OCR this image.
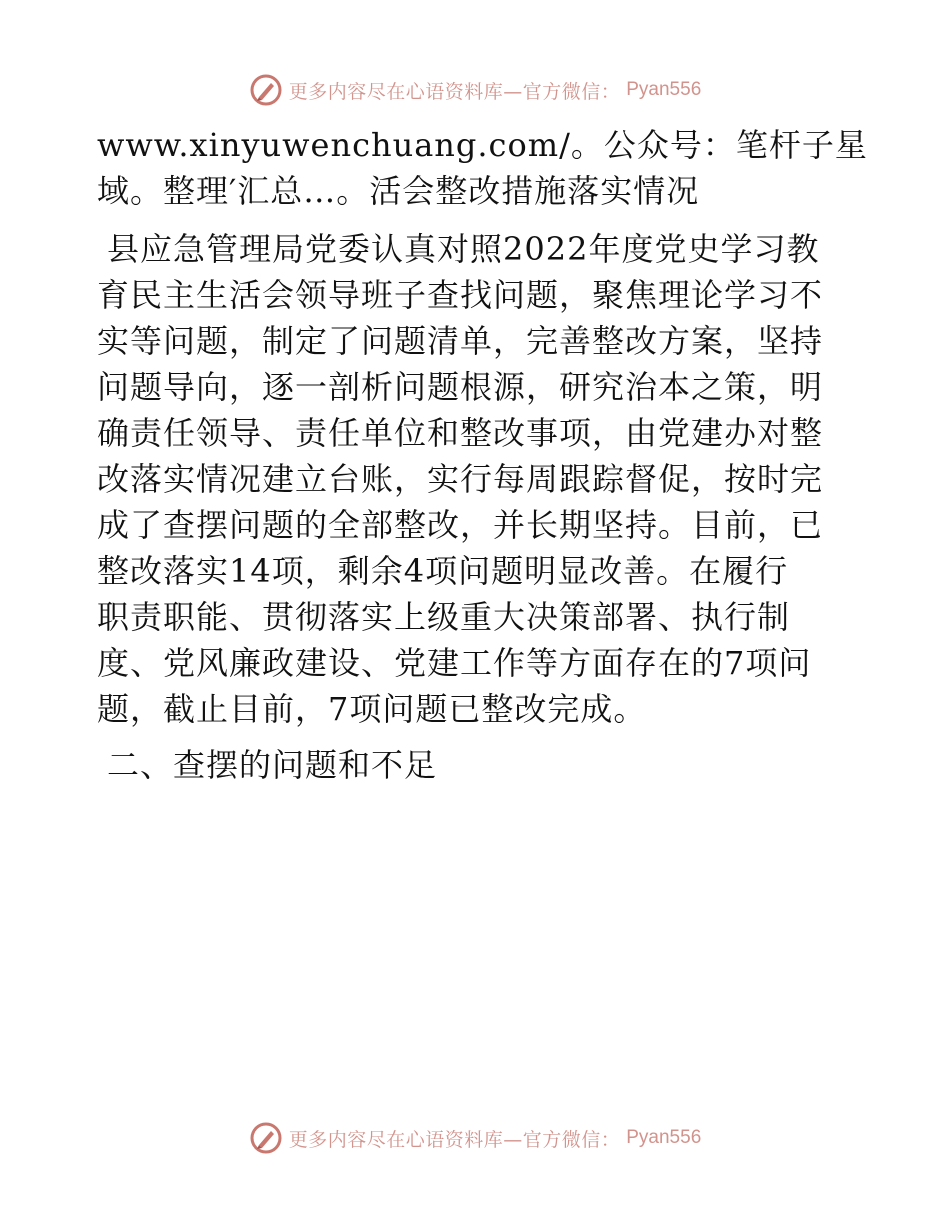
更多内容尽在心语资料库—官方微信： Pyan556

www.xinyuwenchuang.com/。公众号：笔杆子星

域。整理′汇总…。活会整改措施落实情况

县应急管理局党委认真对照2022年度党史学习教

育民主生活会领导班子查找问题，聚焦理论学习不

实等问题，制定了问题清单，完善整改方案，坚持

问题导向，逐一剖析问题根源，研究治本之策，明

确责任领导、责任单位和整改事项，由党建办对整

改落实情况建立台账，实行每周跟踪督促，按时完

成了查摆问题的全部整改，并长期坚持。目前，已

整改落实14项，剩余4项问题明显改善。在履行

职责职能、贯彻落实上级重大决策部署、执行制

度、党风廉政建设、党建工作等方面存在的7项问

题，截止目前，7项问题已整改完成。

二、查摆的问题和不足

更多内容尽在心语资料库—官方微信： Pyan556
